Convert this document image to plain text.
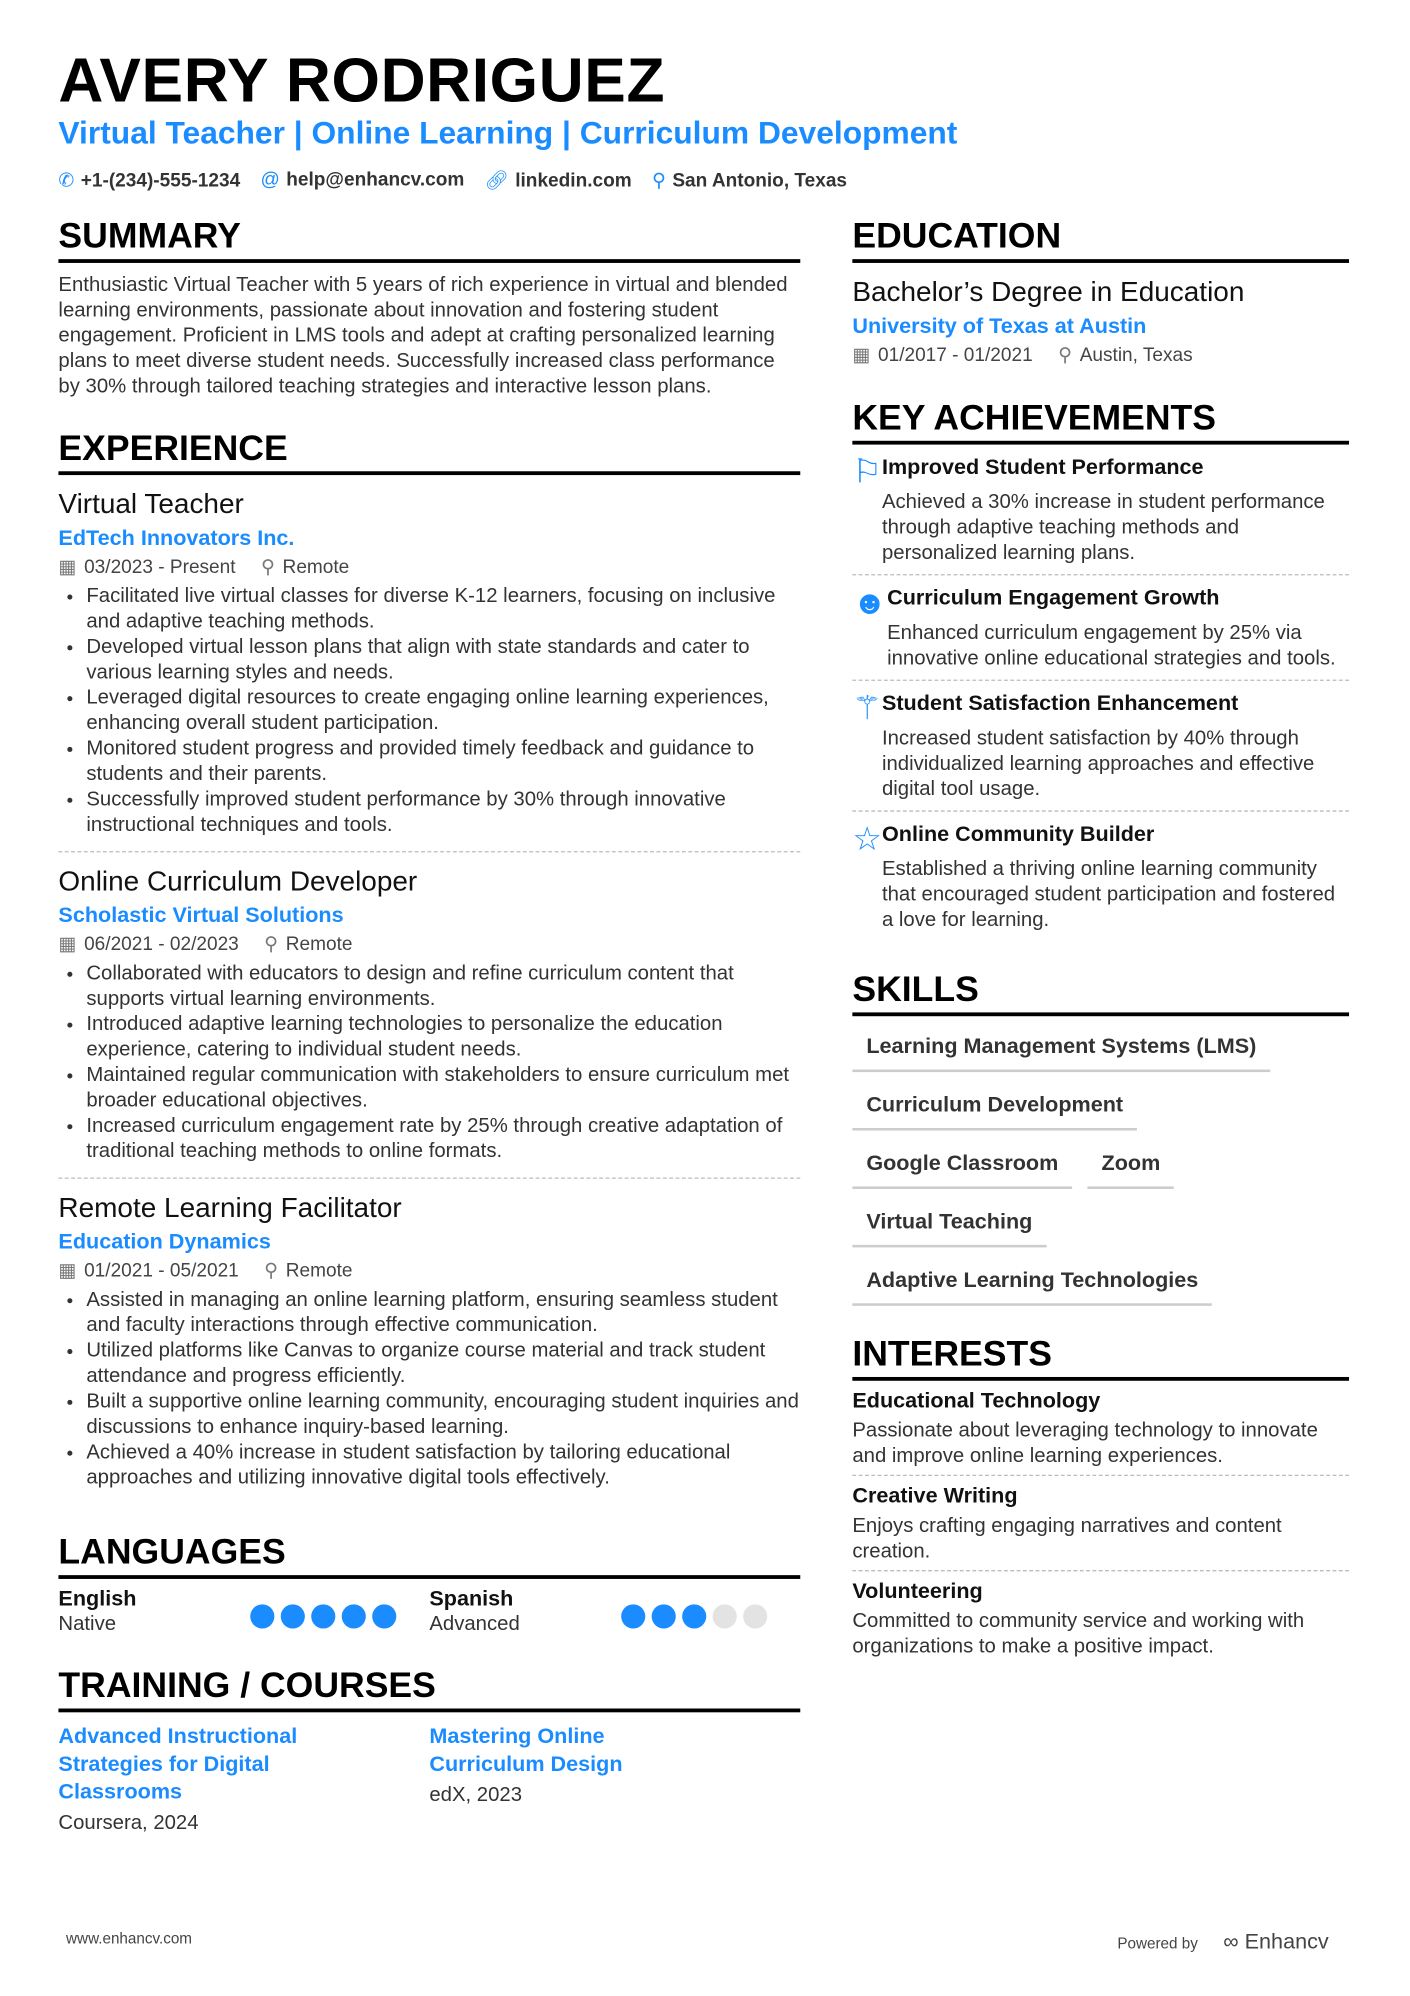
AVERY RODRIGUEZ
Virtual Teacher | Online Learning | Curriculum Development
✆ +1-(234)-555-1234 @ help@enhancv.com 🔗︎ linkedin.com ⚲ San Antonio, Texas
SUMMARY

Enthusiastic Virtual Teacher with 5 years of rich experience in virtual and blended learning environments, passionate about innovation and fostering student engagement. Proficient in LMS tools and adept at crafting personalized learning plans to meet diverse student needs. Successfully increased class performance by 30% through tailored teaching strategies and interactive lesson plans.

EXPERIENCE
Virtual Teacher
EdTech Innovators Inc.
▦ 03/2023 - Present ⚲ Remote
• Facilitated live virtual classes for diverse K-12 learners, focusing on inclusive and adaptive teaching methods.
• Developed virtual lesson plans that align with state standards and cater to various learning styles and needs.
• Leveraged digital resources to create engaging online learning experiences, enhancing overall student participation.
• Monitored student progress and provided timely feedback and guidance to students and their parents.
• Successfully improved student performance by 30% through innovative instructional techniques and tools.
Online Curriculum Developer
Scholastic Virtual Solutions
▦ 06/2021 - 02/2023 ⚲ Remote
• Collaborated with educators to design and refine curriculum content that supports virtual learning environments.
• Introduced adaptive learning technologies to personalize the education experience, catering to individual student needs.
• Maintained regular communication with stakeholders to ensure curriculum met broader educational objectives.
• Increased curriculum engagement rate by 25% through creative adaptation of traditional teaching methods to online formats.
Remote Learning Facilitator
Education Dynamics
▦ 01/2021 - 05/2021 ⚲ Remote
• Assisted in managing an online learning platform, ensuring seamless student and faculty interactions through effective communication.
• Utilized platforms like Canvas to organize course material and track student attendance and progress efficiently.
• Built a supportive online learning community, encouraging student inquiries and discussions to enhance inquiry-based learning.
• Achieved a 40% increase in student satisfaction by tailoring educational approaches and utilizing innovative digital tools effectively.
LANGUAGES
English
Native
Spanish
Advanced
TRAINING / COURSES
Advanced Instructional Strategies for Digital Classrooms
Coursera, 2024
Mastering Online Curriculum Design
edX, 2023
EDUCATION
Bachelor’s Degree in Education
University of Texas at Austin
▦ 01/2017 - 01/2021 ⚲ Austin, Texas
KEY ACHIEVEMENTS
⚐ Improved Student Performance

Achieved a 30% increase in student performance through adaptive teaching methods and personalized learning plans.

☻ Curriculum Engagement Growth

Enhanced curriculum engagement by 25% via innovative online educational strategies and tools.

⚚ Student Satisfaction Enhancement

Increased student satisfaction by 40% through individualized learning approaches and effective digital tool usage.

☆ Online Community Builder

Established a thriving online learning community that encouraged student participation and fostered a love for learning.

SKILLS
Learning Management Systems (LMS)
Curriculum Development
Google Classroom	Zoom
Virtual Teaching
Adaptive Learning Technologies
INTERESTS
Educational Technology

Passionate about leveraging technology to innovate and improve online learning experiences.

Creative Writing

Enjoys crafting engaging narratives and content creation.

Volunteering

Committed to community service and working with organizations to make a positive impact.

www.enhancv.com	Powered by ∞ Enhancv
